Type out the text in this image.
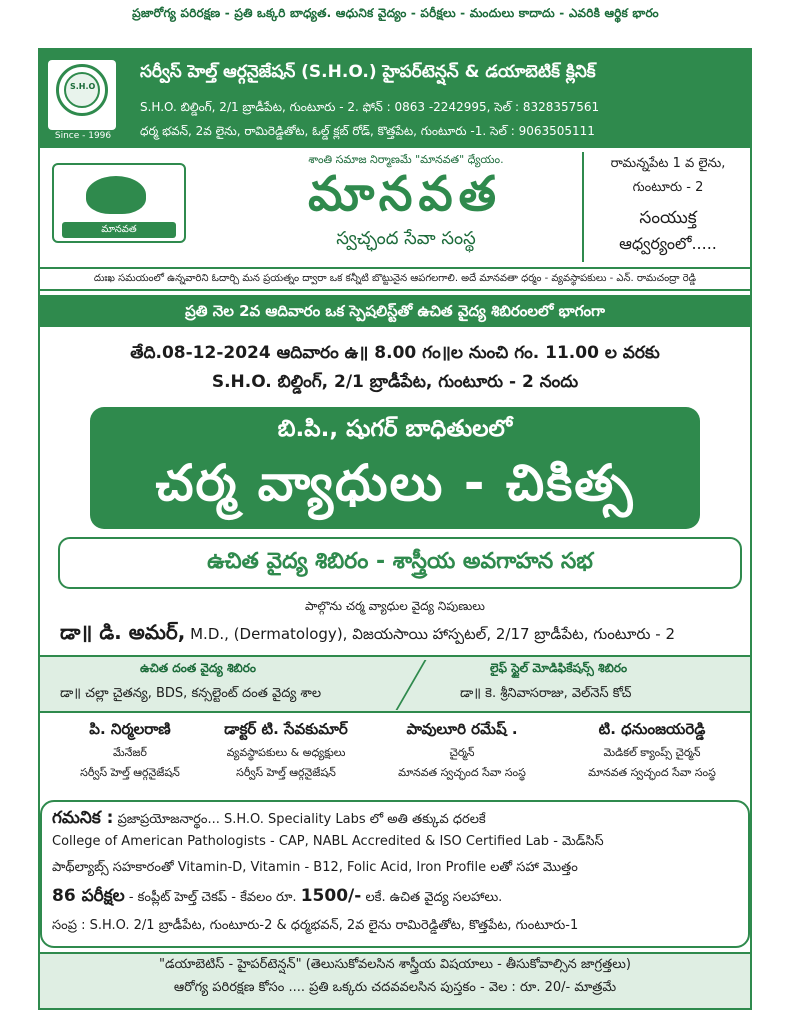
ప్రజారోగ్య పరిరక్షణ - ప్రతి ఒక్కరి బాధ్యత. ఆధునిక వైద్యం - పరీక్షలు - మందులు కాదాదు - ఎవరికి ఆర్థిక భారం
S.H.O
Since - 1996
సర్వీస్ హెల్త్ ఆర్గనైజేషన్ (S.H.O.) హైపర్‌టెన్షన్ & డయాబెటిక్ క్లినిక్
S.H.O. బిల్డింగ్, 2/1 బ్రాడీపేట, గుంటూరు - 2. ఫోన్ : 0863 -2242995, సెల్ : 8328357561
ధర్మ భవన్, 2వ లైను, రామిరెడ్డితోట, ఓల్డ్ క్లబ్ రోడ్, కొత్తపేట, గుంటూరు -1. సెల్ : 9063505111
మానవత
శాంతి సమాజ నిర్మాణమే "మానవత" ధ్యేయం.
మానవత
స్వచ్ఛంద సేవా సంస్థ
రామన్నపేట 1 వ లైను,
గుంటూరు - 2
సంయుక్త
ఆధ్వర్యంలో.....
దుఃఖ సమయంలో ఉన్నవారిని ఓదార్చి మన ప్రయత్నం ద్వారా ఒక కన్నీటి బొట్టునైన ఆపగలగాలి. అదే మానవతా ధర్మం - వ్యవస్థాపకులు - ఎన్. రామచంద్రా రెడ్డి
ప్రతి నెల 2వ ఆదివారం ఒక స్పెషలిస్ట్‌తో ఉచిత వైద్య శిబిరంలలో భాగంగా
తేది.08-12-2024 ఆదివారం ఉ॥ 8.00 గం॥ల నుంచి గం. 11.00 ల వరకు
S.H.O. బిల్డింగ్, 2/1 బ్రాడీపేట, గుంటూరు - 2 నందు
బి.పి., షుగర్ బాధితులలో
చర్మ వ్యాధులు - చికిత్స
ఉచిత వైద్య శిబిరం - శాస్త్రీయ అవగాహన సభ
పాల్గొను చర్మ వ్యాధుల వైద్య నిపుణులు
డా॥ డి. అమర్, M.D., (Dermatology), విజయసాయి హాస్పటల్, 2/17 బ్రాడీపేట, గుంటూరు - 2
ఉచిత దంత వైద్య శిబిరం
డా॥ చల్లా చైతన్య, BDS, కన్సల్టెంట్ దంత వైద్య శాల
లైఫ్ స్టైల్ మోడిఫికేషన్స్ శిబిరం
డా॥ కె. శ్రీనివాసరాజు, వెల్‌నెస్ కోచ్
పి. నిర్మలరాణి
మేనేజర్
సర్వీస్ హెల్త్ ఆర్గనైజేషన్
డాక్టర్ టి. సేవకుమార్
వ్యవస్థాపకులు & అధ్యక్షులు
సర్వీస్ హెల్త్ ఆర్గనైజేషన్
పావులూరి రమేష్ .
చైర్మన్
మానవత స్వచ్ఛంద సేవా సంస్థ
టి. ధనుంజయరెడ్డి
మెడికల్ క్యాంప్స్ చైర్మన్
మానవత స్వచ్ఛంద సేవా సంస్థ
గమనిక : ప్రజాప్రయోజనార్థం... S.H.O. Speciality Labs లో అతి తక్కువ ధరలకే
College of American Pathologists - CAP, NABL Accredited & ISO Certified Lab - మెడ్‌సిస్
పాథ్‌ల్యాబ్స్ సహకారంతో Vitamin-D, Vitamin - B12, Folic Acid, Iron Profile లతో సహా మొత్తం
86 పరీక్షల - కంప్లీట్ హెల్త్ చెకప్ - కేవలం రూ. 1500/- లకే. ఉచిత వైద్య సలహాలు.
సంప్ర : S.H.O. 2/1 బ్రాడీపేట, గుంటూరు-2 & ధర్మభవన్, 2వ లైను రామిరెడ్డితోట, కొత్తపేట, గుంటూరు-1
"డయాబెటిస్ - హైపర్‌టెన్షన్" (తెలుసుకోవలసిన శాస్త్రీయ విషయాలు - తీసుకోవాల్సిన జాగ్రత్తలు)
ఆరోగ్య పరిరక్షణ కోసం .... ప్రతి ఒక్కరు చదవవలసిన పుస్తకం - వెల : రూ. 20/- మాత్రమే
